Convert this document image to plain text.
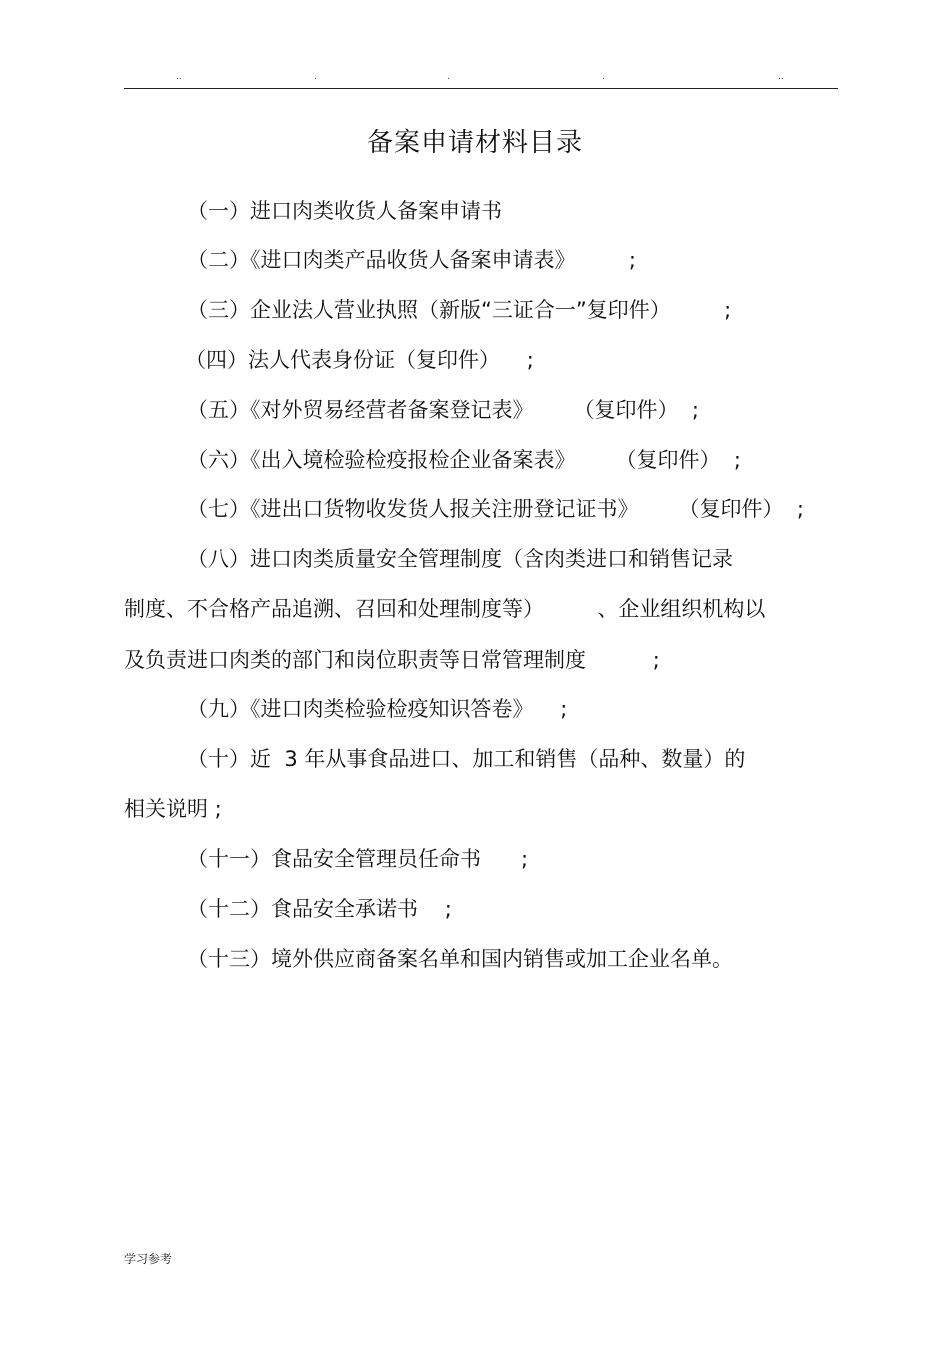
..	.	.	.	..
备案申请材料目录
（一）进口肉类收货人备案申请书
（二）《进口肉类产品收货人备案申请表》        ;
（三）企业法人营业执照（新版“三证合一”复印件）        ;
（四）法人代表身份证（复印件）    ;
（五）《对外贸易经营者备案登记表》      （复印件）  ;
（六）《出入境检验检疫报检企业备案表》      （复印件）  ;
（七）《进出口货物收发货人报关注册登记证书》      （复印件）  ;
（八）进口肉类质量安全管理制度（含肉类进口和销售记录
制度、不合格产品追溯、召回和处理制度等）        、企业组织机构以
及负责进口肉类的部门和岗位职责等日常管理制度          ;
（九）《进口肉类检验检疫知识答卷》    ;
（十）近  3 年从事食品进口、加工和销售（品种、数量）的
相关说明 ;
（十一）食品安全管理员任命书      ;
（十二）食品安全承诺书    ;
（十三）境外供应商备案名单和国内销售或加工企业名单。
学习参考
